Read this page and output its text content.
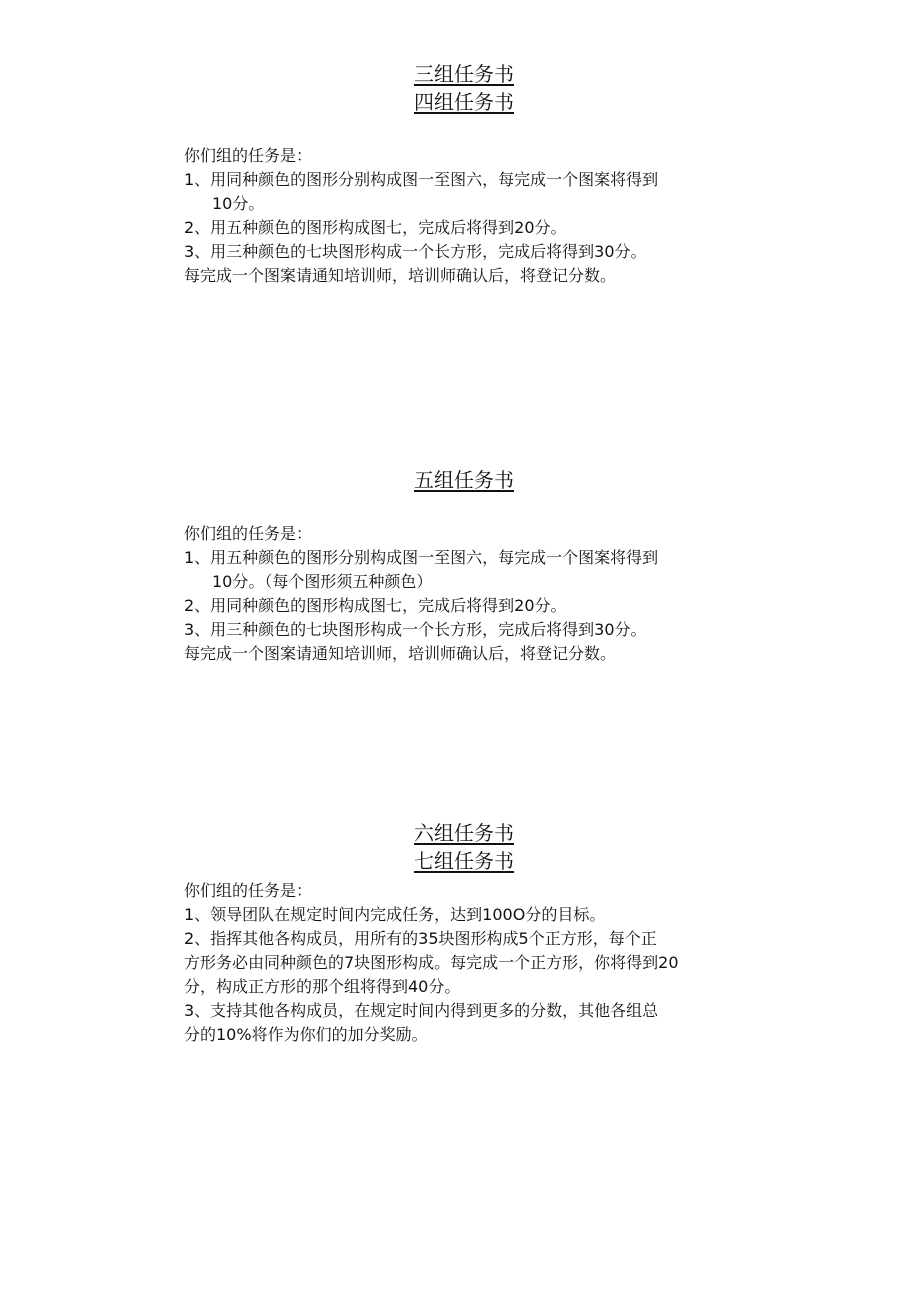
三组任务书
四组任务书

你们组的任务是：

1、用同种颜色的图形分别构成图一至图六，每完成一个图案将得到
10分。

2、用五种颜色的图形构成图七，完成后将得到20分。

3、用三种颜色的七块图形构成一个长方形，完成后将得到30分。

每完成一个图案请通知培训师，培训师确认后，将登记分数。

五组任务书

你们组的任务是：

1、用五种颜色的图形分别构成图一至图六，每完成一个图案将得到
10分。（每个图形须五种颜色）

2、用同种颜色的图形构成图七，完成后将得到20分。

3、用三种颜色的七块图形构成一个长方形，完成后将得到30分。

每完成一个图案请通知培训师，培训师确认后，将登记分数。

六组任务书
七组任务书

你们组的任务是：

1、领导团队在规定时间内完成任务，达到100O分的目标。

2、指挥其他各构成员，用所有的35块图形构成5个正方形，每个正
方形务必由同种颜色的7块图形构成。每完成一个正方形，你将得到20
分，构成正方形的那个组将得到40分。
3、支持其他各构成员，在规定时间内得到更多的分数，其他各组总
分的10%将作为你们的加分奖励。
